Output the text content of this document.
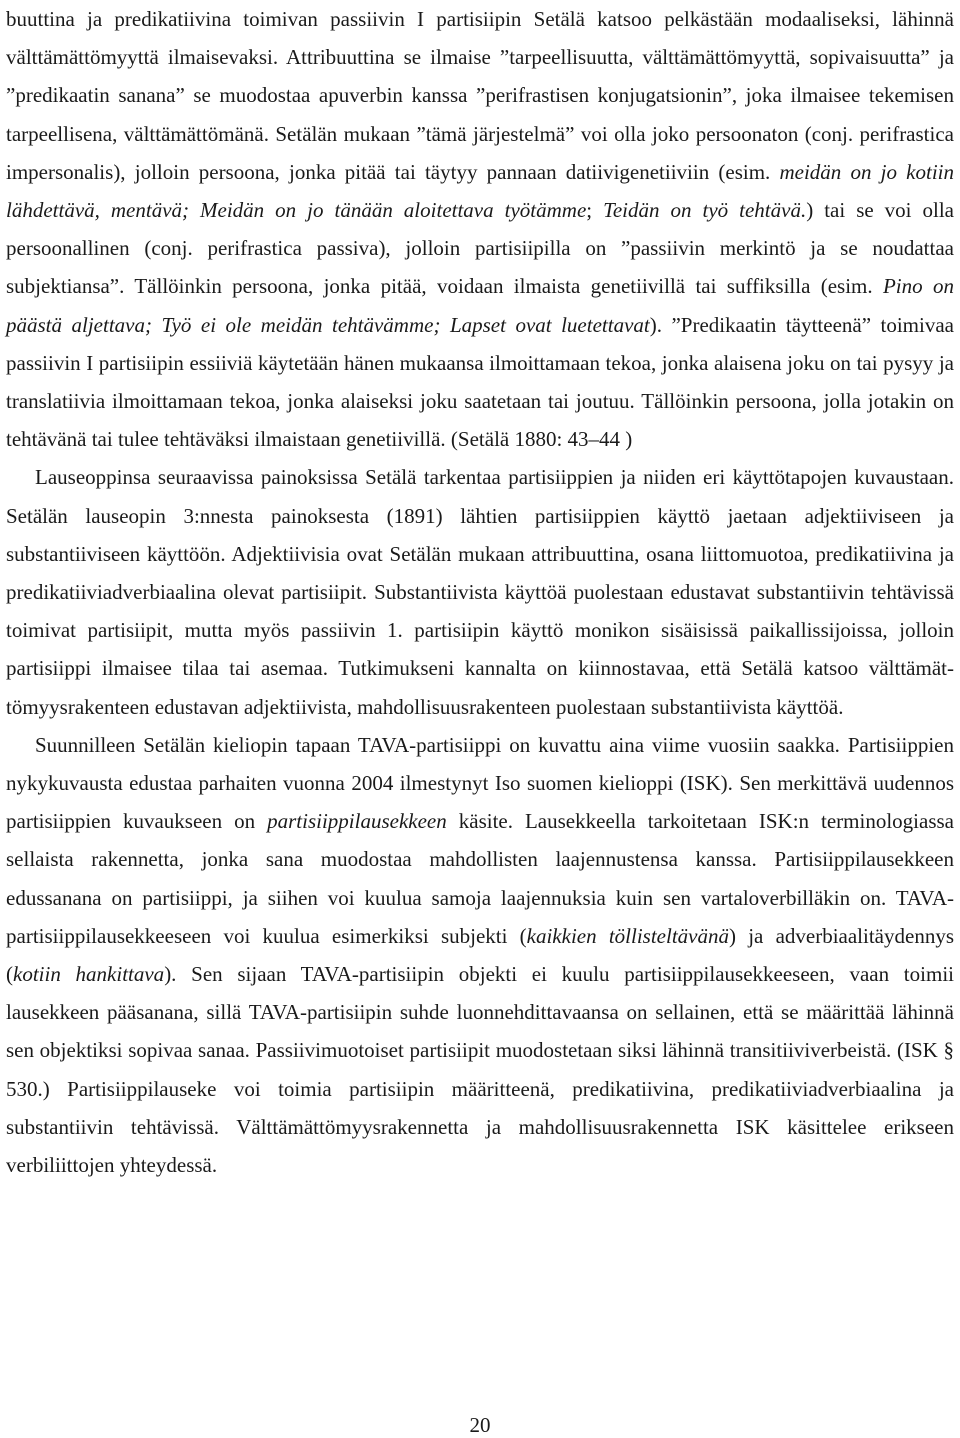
buuttina ja predikatiivina toimivan passiivin I partisiipin Setälä katsoo pelkästään modaaliseksi, lähinnä välttämättömyyttä ilmaisevaksi. Attribuuttina se ilmaise ”tarpeellisuutta, välttämättömyyttä, sopivaisuutta” ja ”predikaatin sanana” se muodostaa apuverbin kanssa ”perifrastisen konjugatsionin”, joka ilmaisee tekemisen tarpeellisena, välttämättömänä. Setälän mukaan ”tämä järjestelmä” voi olla joko persoonaton (conj. perifrastica impersonalis), jolloin persoona, jonka pitää tai täytyy pannaan datiivigenetiiviin (esim. meidän on jo kotiin lähdettävä, mentävä; Meidän on jo tänään aloitettava työtämme; Teidän on työ tehtävä.) tai se voi olla persoonallinen (conj. perifrastica passiva), jolloin partisiipilla on ”passiivin merkintö ja se noudattaa subjektiansa”. Tällöinkin persoona, jonka pitää, voidaan ilmaista genetiivillä tai suffiksilla (esim. Pino on päästä aljettava; Työ ei ole meidän tehtävämme; Lapset ovat luetettavat). ”Predikaatin täytteenä” toimivaa passiivin I partisiipin essiiviä käytetään hänen mukaansa ilmoittamaan tekoa, jonka alaisena joku on tai pysyy ja translatiivia ilmoittamaan tekoa, jonka alaiseksi joku saatetaan tai joutuu. Tällöinkin persoona, jolla jotakin on tehtävänä tai tulee tehtäväksi ilmaistaan genetiivillä. (Setälä 1880: 43–44 )

Lauseoppinsa seuraavissa painoksissa Setälä tarkentaa partisiippien ja niiden eri käyttötapojen kuvaustaan. Setälän lauseopin 3:nnesta painoksesta (1891) lähtien partisiippien käyttö jaetaan adjektiiviseen ja substantiiviseen käyttöön. Adjektiivisia ovat Setälän mukaan attribuuttina, osana liittomuotoa, predikatiivina ja predikatiiviadverbiaalina olevat partisiipit. Substantiivista käyttöä puolestaan edustavat substantiivin tehtävissä toimivat partisiipit, mutta myös passiivin 1. partisiipin käyttö monikon sisäisissä paikallissijoissa, jolloin partisiippi ilmaisee tilaa tai asemaa. Tutkimukseni kannalta on kiinnostavaa, että Setälä katsoo välttämättömyysrakenteen edustavan adjektiivista, mahdollisuusrakenteen puolestaan substantiivista käyttöä.

Suunnilleen Setälän kieliopin tapaan TAVA-partisiippi on kuvattu aina viime vuosiin saakka. Partisiippien nykykuvausta edustaa parhaiten vuonna 2004 ilmestynyt Iso suomen kielioppi (ISK). Sen merkittävä uudennos partisiippien kuvaukseen on partisiippilausekkeen käsite. Lausekkeella tarkoitetaan ISK:n terminologiassa sellaista rakennetta, jonka sana muodostaa mahdollisten laajennustensa kanssa. Partisiippilausekkeen edussanana on partisiippi, ja siihen voi kuulua samoja laajennuksia kuin sen vartaloverbilläkin on. TAVA-partisiippilausekkeeseen voi kuulua esimerkiksi subjekti (kaikkien töllisteltävänä) ja adverbiaalitäydennys (kotiin hankittava). Sen sijaan TAVA-partisiipin objekti ei kuulu partisiippilausekkeeseen, vaan toimii lausekkeen pääsanana, sillä TAVA-partisiipin suhde luonnehdittavaansa on sellainen, että se määrittää lähinnä sen objektiksi sopivaa sanaa. Passiivimuotoiset partisiipit muodostetaan siksi lähinnä transitiiviverbeistä. (ISK § 530.) Partisiippilauseke voi toimia partisiipin määritteenä, predikatiivina, predikatiiviadverbiaalina ja substantiivin tehtävissä. Välttämättömyysrakennetta ja mahdollisuusrakennetta ISK käsittelee erikseen verbiliittojen yhteydessä.

20
